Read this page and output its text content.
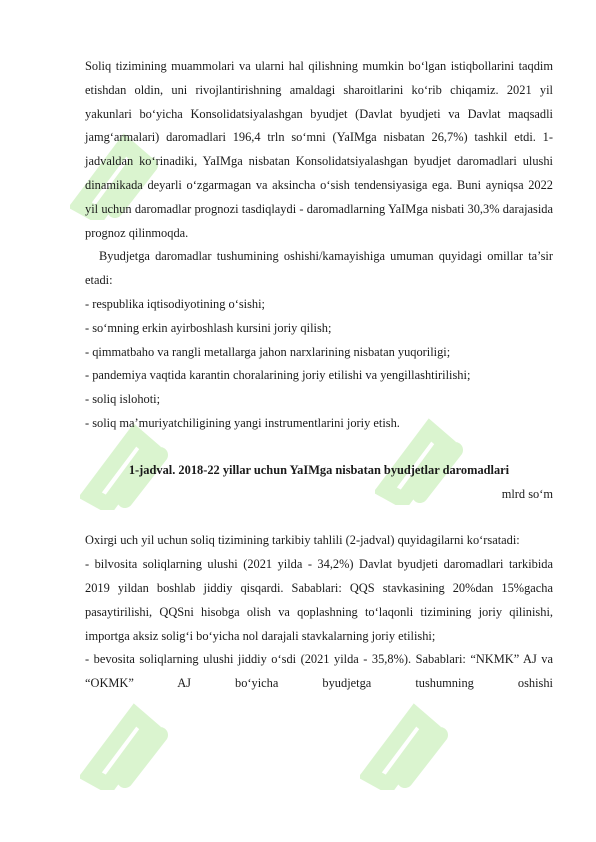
Soliq tizimining muammolari va ularni hal qilishning mumkin bo‘lgan istiqbollarini taqdim etishdan oldin, uni rivojlantirishning amaldagi sharoitlarini ko‘rib chiqamiz. 2021 yil yakunlari bo‘yicha Konsolidatsiyalashgan byudjet (Davlat byudjeti va Davlat maqsadli jamg‘armalari) daromadlari 196,4 trln so‘mni (YaIMga nisbatan 26,7%) tashkil etdi. 1-jadvaldan ko‘rinadiki, YaIMga nisbatan Konsolidatsiyalashgan byudjet daromadlari ulushi dinamikada deyarli o‘zgarmagan va aksincha o‘sish tendensiyasiga ega. Buni ayniqsa 2022 yil uchun daromadlar prognozi tasdiqlaydi - daromadlarning YaIMga nisbati 30,3% darajasida prognoz qilinmoqda.

Byudjetga daromadlar tushumining oshishi/kamayishiga umuman quyidagi omillar ta’sir etadi:

- respublika iqtisodiyotining o‘sishi;

- so‘mning erkin ayirboshlash kursini joriy qilish;

- qimmatbaho va rangli metallarga jahon narxlarining nisbatan yuqoriligi;

- pandemiya vaqtida karantin choralarining joriy etilishi va yengillashtirilishi;

- soliq islohoti;

- soliq ma’muriyatchiligining yangi instrumentlarini joriy etish.

1-jadval. 2018-22 yillar uchun YaIMga nisbatan byudjetlar daromadlari

mlrd so‘m

Oxirgi uch yil uchun soliq tizimining tarkibiy tahlili (2-jadval) quyidagilarni ko‘rsatadi:

- bilvosita soliqlarning ulushi (2021 yilda - 34,2%) Davlat byudjeti daromadlari tarkibida 2019 yildan boshlab jiddiy qisqardi. Sabablari: QQS stavkasining 20%dan 15%gacha pasaytirilishi, QQSni hisobga olish va qoplashning to‘laqonli tizimining joriy qilinishi, importga aksiz solig‘i bo‘yicha nol darajali stavkalarning joriy etilishi;

- bevosita soliqlarning ulushi jiddiy o‘sdi (2021 yilda - 35,8%). Sabablari: “NKMK” AJ va “OKMK” AJ bo‘yicha byudjetga tushumning oshishi
